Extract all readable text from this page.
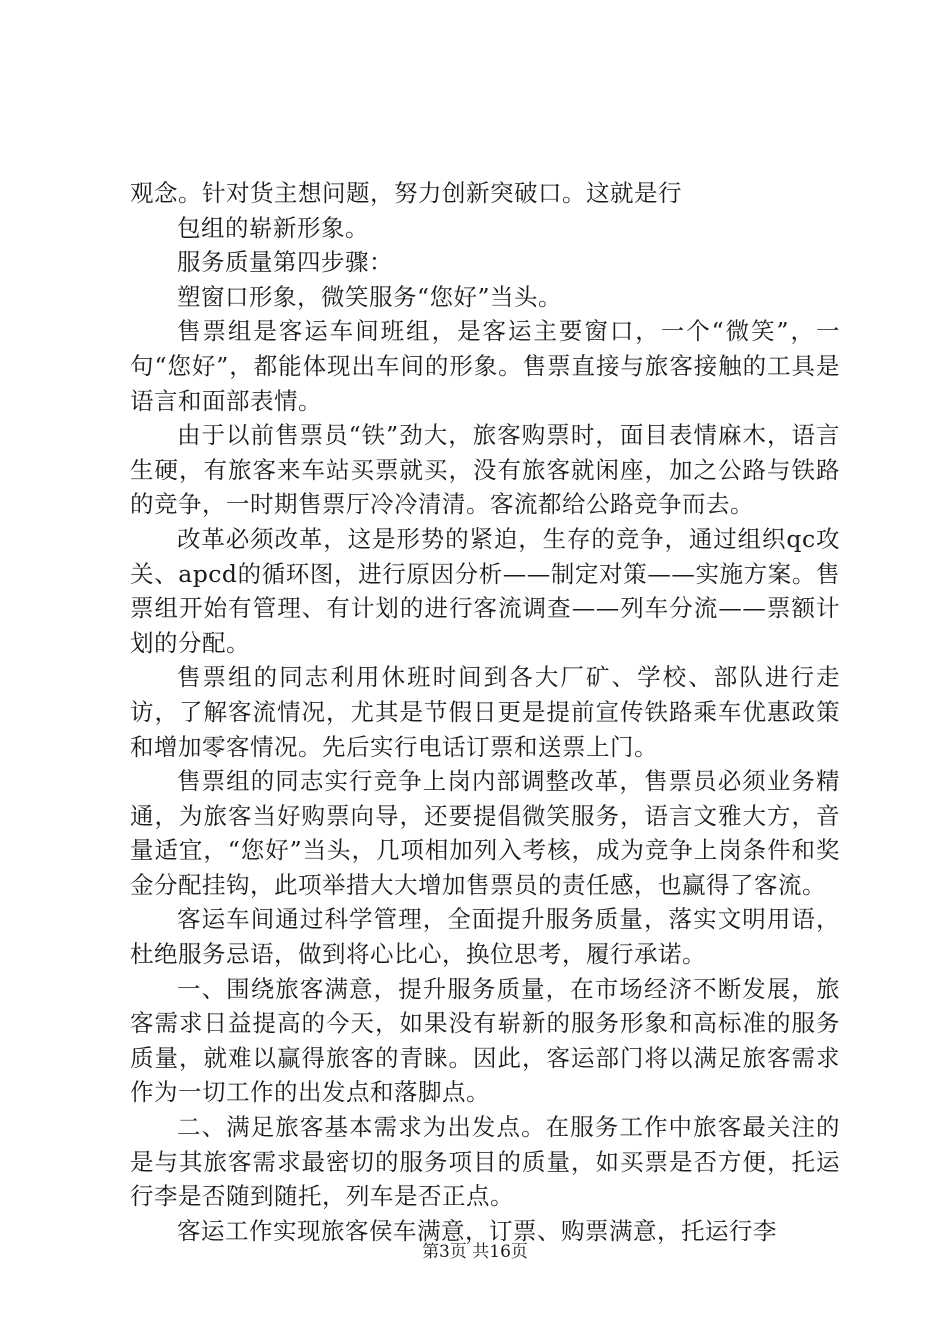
观念。针对货主想问题，努力创新突破口。这就是行

包组的崭新形象。

服务质量第四步骤：

塑窗口形象，微笑服务“您好”当头。

售票组是客运车间班组，是客运主要窗口，一个“微笑”，一句“您好”，都能体现出车间的形象。售票直接与旅客接触的工具是语言和面部表情。

由于以前售票员“铁”劲大，旅客购票时，面目表情麻木，语言生硬，有旅客来车站买票就买，没有旅客就闲座，加之公路与铁路的竞争，一时期售票厅冷冷清清。客流都给公路竞争而去。

改革必须改革，这是形势的紧迫，生存的竞争，通过组织qc攻关、apcd的循环图，进行原因分析——制定对策——实施方案。售票组开始有管理、有计划的进行客流调查——列车分流——票额计划的分配。

售票组的同志利用休班时间到各大厂矿、学校、部队进行走访，了解客流情况，尤其是节假日更是提前宣传铁路乘车优惠政策和增加零客情况。先后实行电话订票和送票上门。

售票组的同志实行竞争上岗内部调整改革，售票员必须业务精通，为旅客当好购票向导，还要提倡微笑服务，语言文雅大方，音量适宜，“您好”当头，几项相加列入考核，成为竞争上岗条件和奖金分配挂钩，此项举措大大增加售票员的责任感，也赢得了客流。

客运车间通过科学管理，全面提升服务质量，落实文明用语，杜绝服务忌语，做到将心比心，换位思考，履行承诺。

一、围绕旅客满意，提升服务质量，在市场经济不断发展，旅客需求日益提高的今天，如果没有崭新的服务形象和高标准的服务质量，就难以赢得旅客的青睐。因此，客运部门将以满足旅客需求作为一切工作的出发点和落脚点。

二、满足旅客基本需求为出发点。在服务工作中旅客最关注的是与其旅客需求最密切的服务项目的质量，如买票是否方便，托运行李是否随到随托，列车是否正点。

客运工作实现旅客侯车满意，订票、购票满意，托运行李

第3页 共16页
